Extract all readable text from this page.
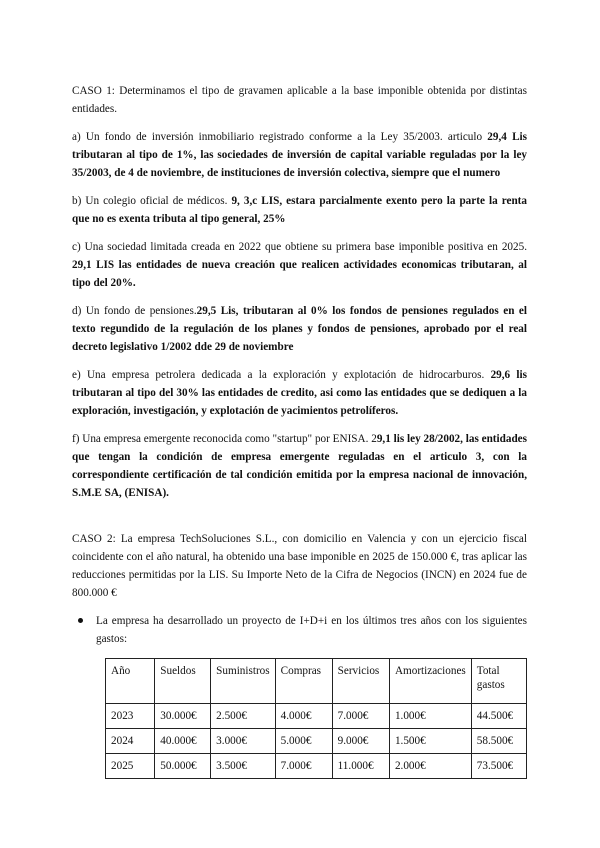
CASO 1: Determinamos el tipo de gravamen aplicable a la base imponible obtenida por distintas entidades.

a) Un fondo de inversión inmobiliario registrado conforme a la Ley 35/2003. articulo 29,4 Lis tributaran al tipo de 1%, las sociedades de inversión de capital variable reguladas por la ley 35/2003, de 4 de noviembre, de instituciones de inversión colectiva, siempre que el numero

b) Un colegio oficial de médicos. 9, 3,c LIS, estara parcialmente exento pero la parte la renta que no es exenta tributa al tipo general, 25%

c) Una sociedad limitada creada en 2022 que obtiene su primera base imponible positiva en 2025. 29,1 LIS las entidades de nueva creación que realicen actividades economicas tributaran, al tipo del 20%.

d) Un fondo de pensiones.29,5 Lis, tributaran al 0% los fondos de pensiones regulados en el texto regundido de la regulación de los planes y fondos de pensiones, aprobado por el real decreto legislativo 1/2002 dde 29 de noviembre

e) Una empresa petrolera dedicada a la exploración y explotación de hidrocarburos. 29,6 lis tributaran al tipo del 30% las entidades de credito, asi como las entidades que se dediquen a la exploración, investigación, y explotación de yacimientos petrolíferos.

f) Una empresa emergente reconocida como "startup" por ENISA. 29,1 lis ley 28/2002, las entidades que tengan la condición de empresa emergente reguladas en el articulo 3, con la correspondiente certificación de tal condición emitida por la empresa nacional de innovación, S.M.E SA, (ENISA).

CASO 2: La empresa TechSoluciones S.L., con domicilio en Valencia y con un ejercicio fiscal coincidente con el año natural, ha obtenido una base imponible en 2025 de 150.000 €, tras aplicar las reducciones permitidas por la LIS. Su Importe Neto de la Cifra de Negocios (INCN) en 2024 fue de 800.000 €

La empresa ha desarrollado un proyecto de I+D+i en los últimos tres años con los siguientes gastos:
Año	Sueldos	Suministros	Compras	Servicios	Amortizaciones	Total gastos
2023	30.000€	2.500€	4.000€	7.000€	1.000€	44.500€
2024	40.000€	3.000€	5.000€	9.000€	1.500€	58.500€
2025	50.000€	3.500€	7.000€	11.000€	2.000€	73.500€
